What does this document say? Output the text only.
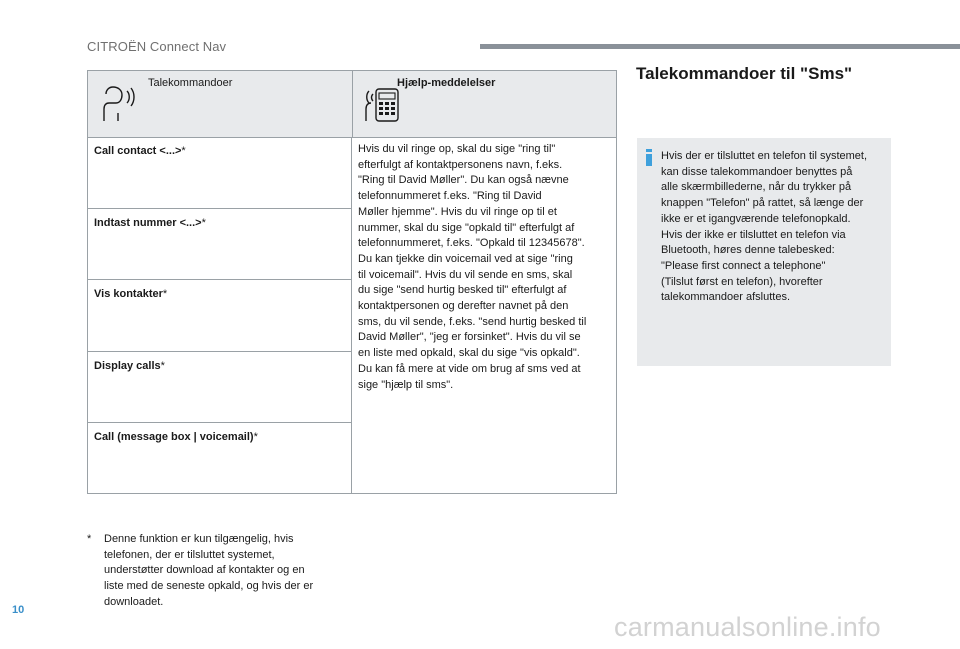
CITROËN Connect Nav
Talekommandoer	Hjælp-meddelelser
Call contact <...>*
Indtast nummer <...>*
Vis kontakter*
Display calls*
Call (message box | voicemail)*
Hvis du vil ringe op, skal du sige "ring til"
efterfulgt af kontaktpersonens navn, f.eks.
"Ring til David Møller". Du kan også nævne
telefonnummeret f.eks. "Ring til David
Møller hjemme". Hvis du vil ringe op til et
nummer, skal du sige "opkald til" efterfulgt af
telefonnummeret, f.eks. "Opkald til 12345678".
Du kan tjekke din voicemail ved at sige "ring
til voicemail". Hvis du vil sende en sms, skal
du sige "send hurtig besked til" efterfulgt af
kontaktpersonen og derefter navnet på den
sms, du vil sende, f.eks. "send hurtig besked til
David Møller", "jeg er forsinket". Hvis du vil se
en liste med opkald, skal du sige "vis opkald".
Du kan få mere at vide om brug af sms ved at
sige "hjælp til sms".
* Denne funktion er kun tilgængelig, hvis
telefonen, der er tilsluttet systemet,
understøtter download af kontakter og en
liste med de seneste opkald, og hvis der er
downloadet.
Talekommandoer til "Sms"
Hvis der er tilsluttet en telefon til systemet,
kan disse talekommandoer benyttes på
alle skærmbillederne, når du trykker på
knappen "Telefon" på rattet, så længe der
ikke er et igangværende telefonopkald.
Hvis der ikke er tilsluttet en telefon via
Bluetooth, høres denne talebesked:
"Please first connect a telephone"
(Tilslut først en telefon), hvorefter
talekommandoer afsluttes.
10
carmanualsonline.info
